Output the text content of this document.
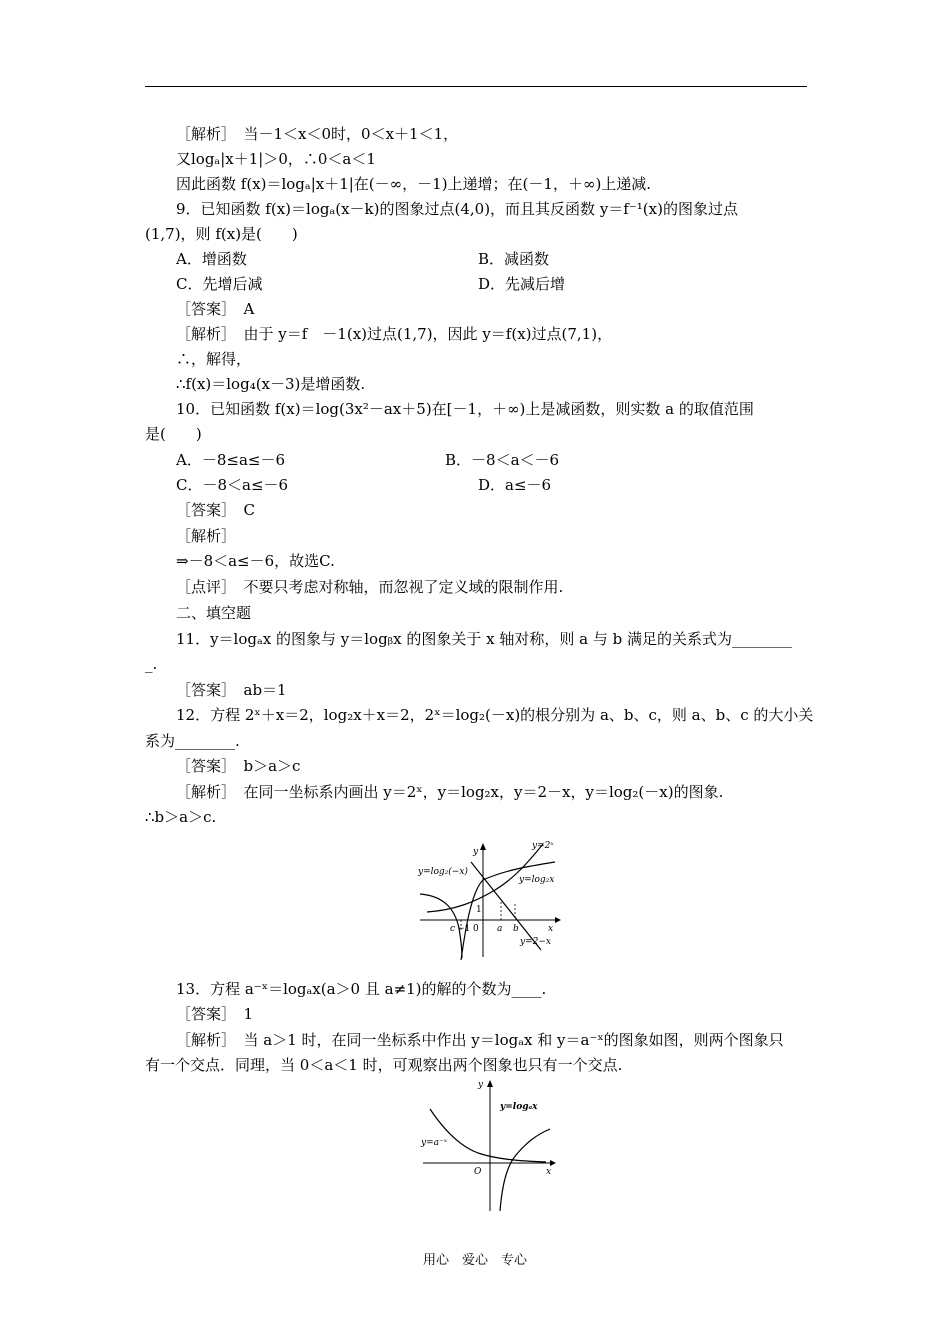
［解析］　当－1＜x＜0时，0＜x＋1＜1，
又logₐ|x＋1|＞0，∴0＜a＜1
因此函数 f(x)＝logₐ|x＋1|在(－∞，－1)上递增；在(－1，＋∞)上递减.
9．已知函数 f(x)＝logₐ(x－k)的图象过点(4,0)，而且其反函数 y＝f⁻¹(x)的图象过点
(1,7)，则 f(x)是(　　)
A．增函数	B．减函数
C．先增后减	D．先减后增
［答案］　A
［解析］　由于 y＝f　－1(x)过点(1,7)，因此 y＝f(x)过点(7,1)，
∴，解得，
∴f(x)＝log₄(x－3)是增函数.
10．已知函数 f(x)＝log(3x²－ax＋5)在[－1，＋∞)上是减函数，则实数 a 的取值范围
是(　　)
A．－8≤a≤－6	B．－8＜a＜－6
C．－8＜a≤－6	D．a≤－6
［答案］　C
［解析］
⇒－8＜a≤－6，故选C.
［点评］　不要只考虑对称轴，而忽视了定义域的限制作用.
二、填空题
11．y＝logₐx 的图象与 y＝logᵦx 的图象关于 x 轴对称，则 a 与 b 满足的关系式为________
_.
［答案］　ab＝1
12．方程 2ˣ＋x＝2，log₂x＋x＝2，2ˣ＝log₂(－x)的根分别为 a、b、c，则 a、b、c 的大小关
系为________.
［答案］　b＞a＞c
［解析］　在同一坐标系内画出 y＝2ˣ，y＝log₂x，y＝2－x，y＝log₂(－x)的图象.
∴b＞a＞c.
13．方程 a⁻ˣ＝logₐx(a＞0 且 a≠1)的解的个数为____.
［答案］　1
［解析］　当 a＞1 时，在同一坐标系中作出 y＝logₐx 和 y＝a⁻ˣ的图象如图，则两个图象只
有一个交点．同理，当 0＜a＜1 时，可观察出两个图象也只有一个交点.
y
y=2ˣ
y=log₂(−x)
y=log₂x
1
c −1 0 a b	x
y=2−x
y
y=logₐx
y=a⁻ˣ
O	x
用心　爱心　专心
